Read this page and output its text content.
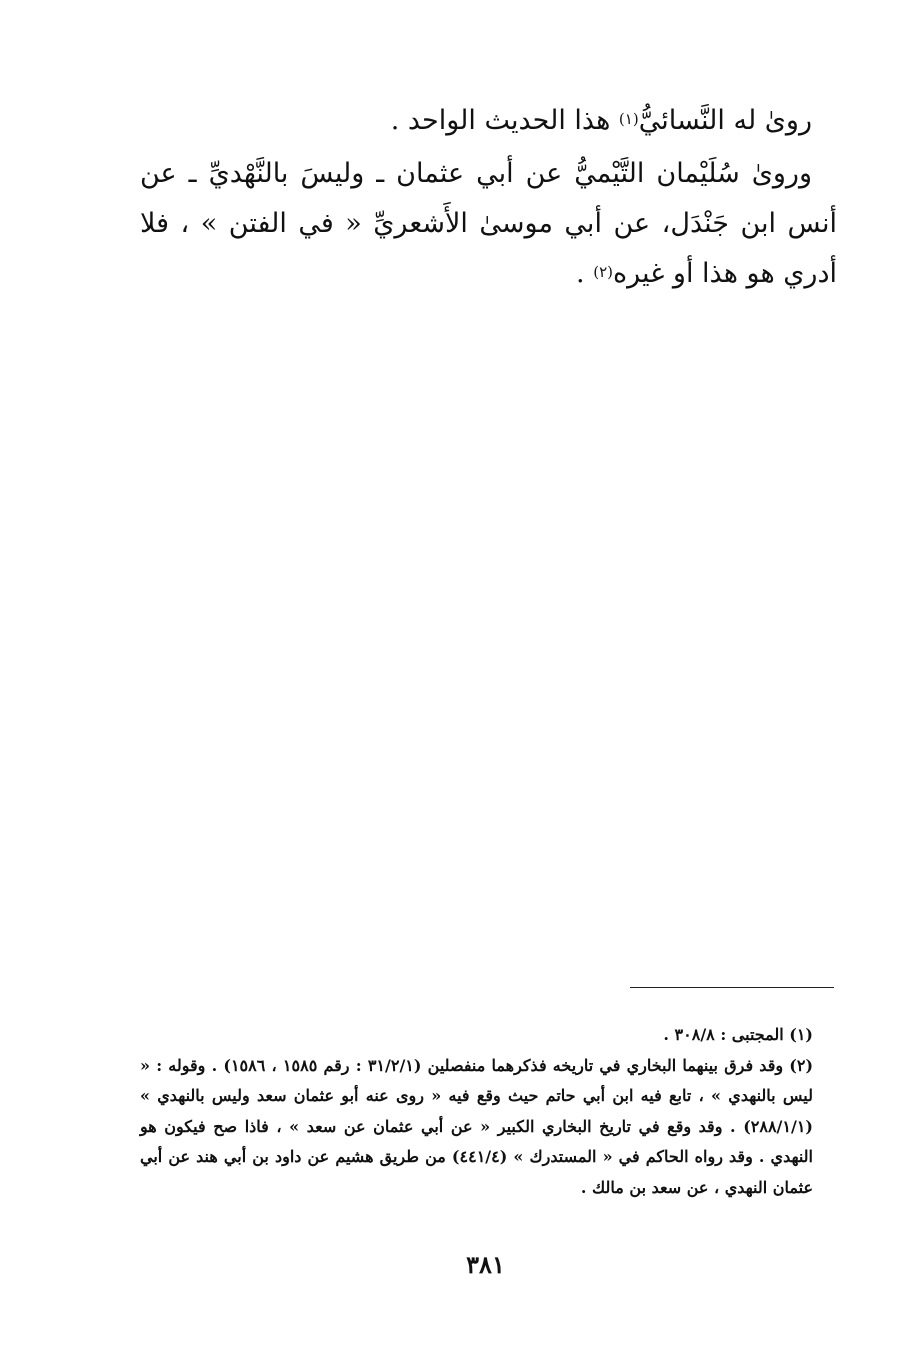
روىٰ له النَّسائيُّ$^{(١)}$ هذا الحديث الواحد .

وروىٰ سُلَيْمان التَّيْميُّ عن أبي عثمان ـ وليسَ بالنَّهْديِّ ـ عن أنس ابن جَنْدَل، عن أبي موسىٰ الأَشعريِّ « في الفتن » ، فلا أدري هو هذا أو غيره$^{(٢)}$ .

(١) المجتبى : ٣٠٨/٨ .

(٢) وقد فرق بينهما البخاري في تاريخه فذكرهما منفصلين (٣١/٢/١ : رقم ١٥٨٥ ، ١٥٨٦) . وقوله : « ليس بالنهدي » ، تابع فيه ابن أبي حاتم حيث وقع فيه « روى عنه أبو عثمان سعد وليس بالنهدي » (٢٨٨/١/١) . وقد وقع في تاريخ البخاري الكبير « عن أبي عثمان عن سعد » ، فاذا صح فيكون هو النهدي . وقد رواه الحاكم في « المستدرك » (٤٤١/٤) من طريق هشيم عن داود بن أبي هند عن أبي عثمان النهدي ، عن سعد بن مالك .

٣٨١
